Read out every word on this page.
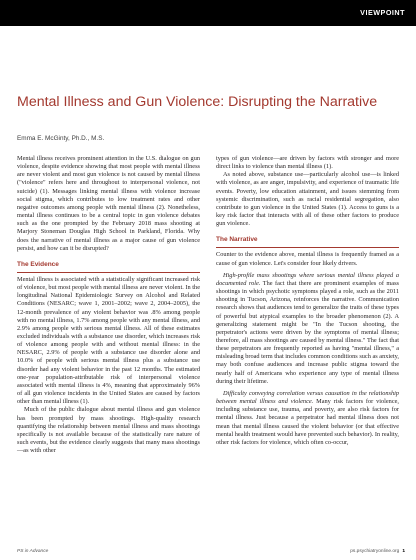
VIEWPOINT
Mental Illness and Gun Violence: Disrupting the Narrative
Emma E. McGinty, Ph.D., M.S.

Mental illness receives prominent attention in the U.S. dialogue on gun violence, despite evidence showing that most people with mental illness are never violent and most gun violence is not caused by mental illness ("violence" refers here and throughout to interpersonal violence, not suicide) (1). Messages linking mental illness with violence increase social stigma, which contributes to low treatment rates and other negative outcomes among people with mental illness (2). Nonetheless, mental illness continues to be a central topic in gun violence debates such as the one prompted by the February 2018 mass shooting at Marjory Stoneman Douglas High School in Parkland, Florida. Why does the narrative of mental illness as a major cause of gun violence persist, and how can it be disrupted?

The Evidence

Mental illness is associated with a statistically significant increased risk of violence, but most people with mental illness are never violent. In the longitudinal National Epidemiologic Survey on Alcohol and Related Conditions (NESARC; wave 1, 2001–2002; wave 2, 2004–2005), the 12-month prevalence of any violent behavior was .8% among people with no mental illness, 1.7% among people with any mental illness, and 2.9% among people with serious mental illness. All of these estimates excluded individuals with a substance use disorder, which increases risk of violence among people with and without mental illness: in the NESARC, 2.9% of people with a substance use disorder alone and 10.0% of people with serious mental illness plus a substance use disorder had any violent behavior in the past 12 months. The estimated one-year population-attributable risk of interpersonal violence associated with mental illness is 4%, meaning that approximately 96% of all gun violence incidents in the United States are caused by factors other than mental illness (1).

Much of the public dialogue about mental illness and gun violence has been prompted by mass shootings. High-quality research quantifying the relationship between mental illness and mass shootings specifically is not available because of the statistically rare nature of such events, but the evidence clearly suggests that many mass shootings—as with other

types of gun violence—are driven by factors with stronger and more direct links to violence than mental illness (1).

As noted above, substance use—particularly alcohol use—is linked with violence, as are anger, impulsivity, and experience of traumatic life events. Poverty, low education attainment, and issues stemming from systemic discrimination, such as racial residential segregation, also contribute to gun violence in the United States (1). Access to guns is a key risk factor that interacts with all of these other factors to produce gun violence.

The Narrative

Counter to the evidence above, mental illness is frequently framed as a cause of gun violence. Let's consider four likely drivers.

High-profile mass shootings where serious mental illness played a documented role. The fact that there are prominent examples of mass shootings in which psychotic symptoms played a role, such as the 2011 shooting in Tucson, Arizona, reinforces the narrative. Communication research shows that audiences tend to generalize the traits of these types of powerful but atypical examples to the broader phenomenon (2). A generalizing statement might be "In the Tucson shooting, the perpetrator's actions were driven by the symptoms of mental illness; therefore, all mass shootings are caused by mental illness." The fact that these perpetrators are frequently reported as having "mental illness," a misleading broad term that includes common conditions such as anxiety, may both confuse audiences and increase public stigma toward the nearly half of Americans who experience any type of mental illness during their lifetime.

Difficulty conveying correlation versus causation in the relationship between mental illness and violence. Many risk factors for violence, including substance use, trauma, and poverty, are also risk factors for mental illness. Just because a perpetrator had mental illness does not mean that mental illness caused the violent behavior (or that effective mental health treatment would have prevented such behavior). In reality, other risk factors for violence, which often co-occur,

PS in Advance	ps.psychiatryonline.org 1
